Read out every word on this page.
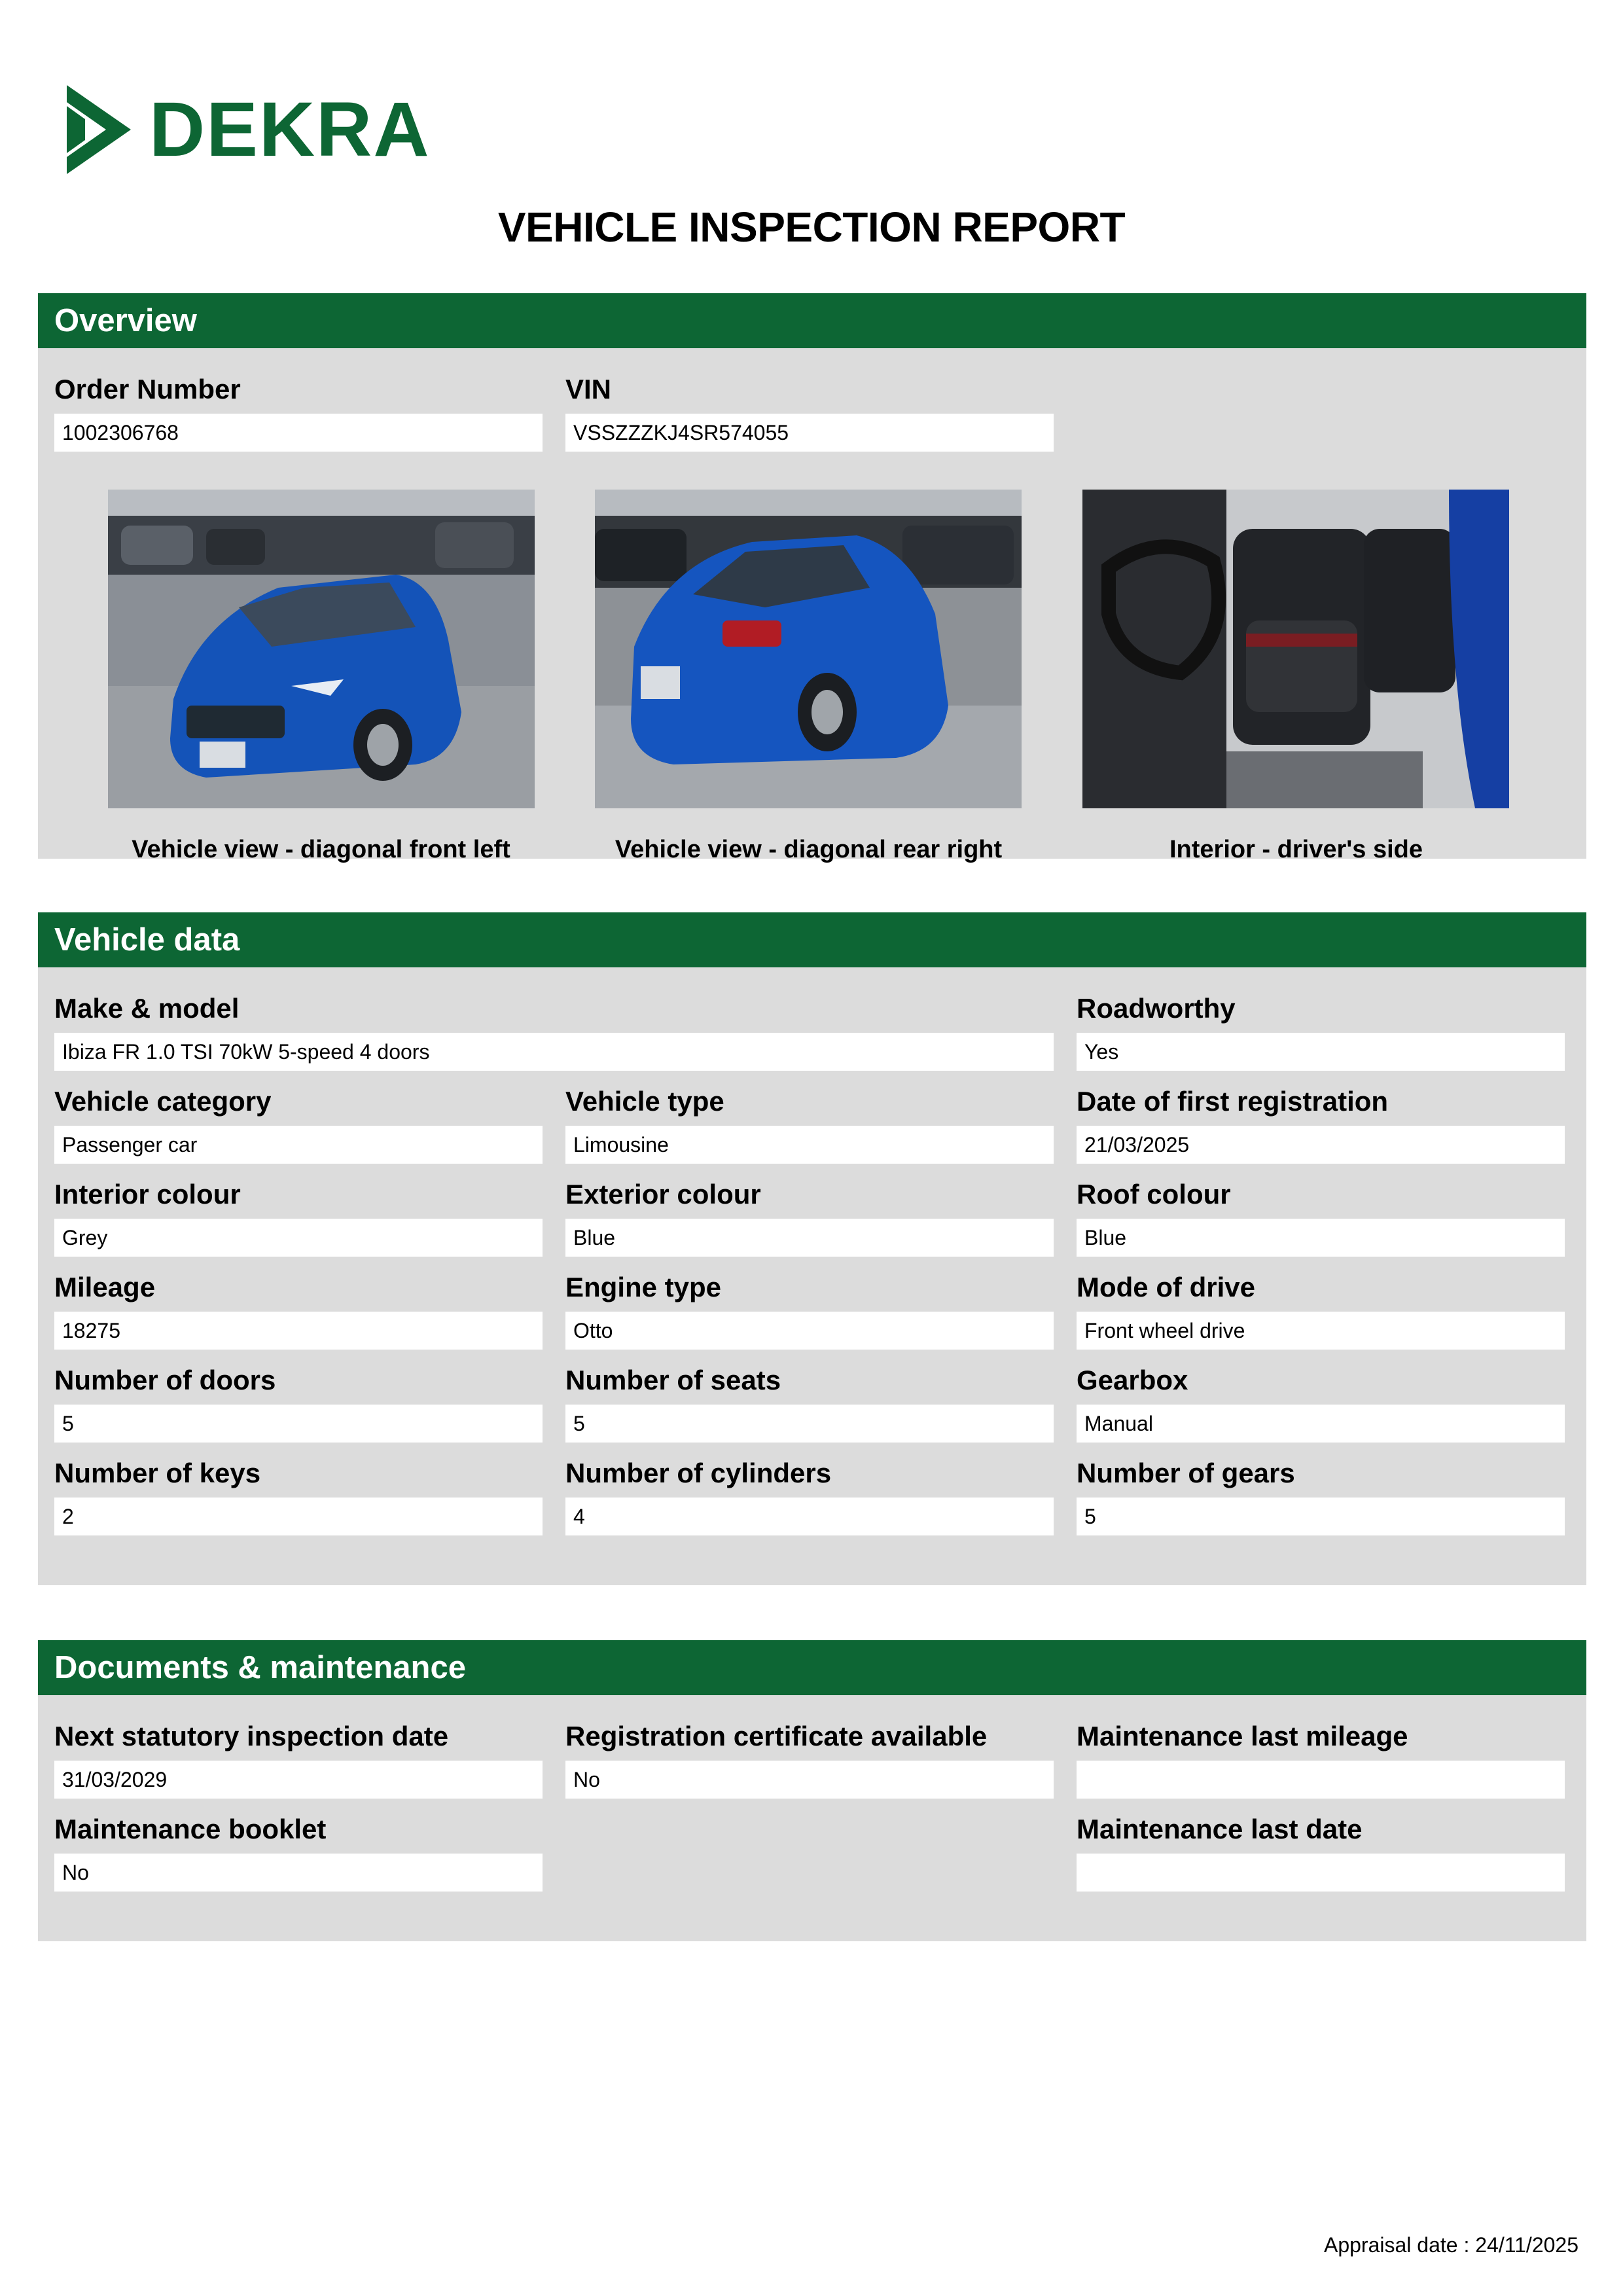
DEKRA
VEHICLE INSPECTION REPORT
Overview
Order Number
1002306768
VIN
VSSZZZKJ4SR574055
Vehicle view - diagonal front left	Vehicle view - diagonal rear right	Interior - driver's side
Vehicle data
Make & model
Ibiza FR 1.0 TSI 70kW 5-speed 4 doors
Roadworthy
Yes
Vehicle category
Passenger car
Vehicle type
Limousine
Date of first registration
21/03/2025
Interior colour
Grey
Exterior colour
Blue
Roof colour
Blue
Mileage
18275
Engine type
Otto
Mode of drive
Front wheel drive
Number of doors
5
Number of seats
5
Gearbox
Manual
Number of keys
2
Number of cylinders
4
Number of gears
5
Documents & maintenance
Next statutory inspection date
31/03/2029
Registration certificate available
No
Maintenance last mileage
Maintenance booklet
No
Maintenance last date
Appraisal date : 24/11/2025
